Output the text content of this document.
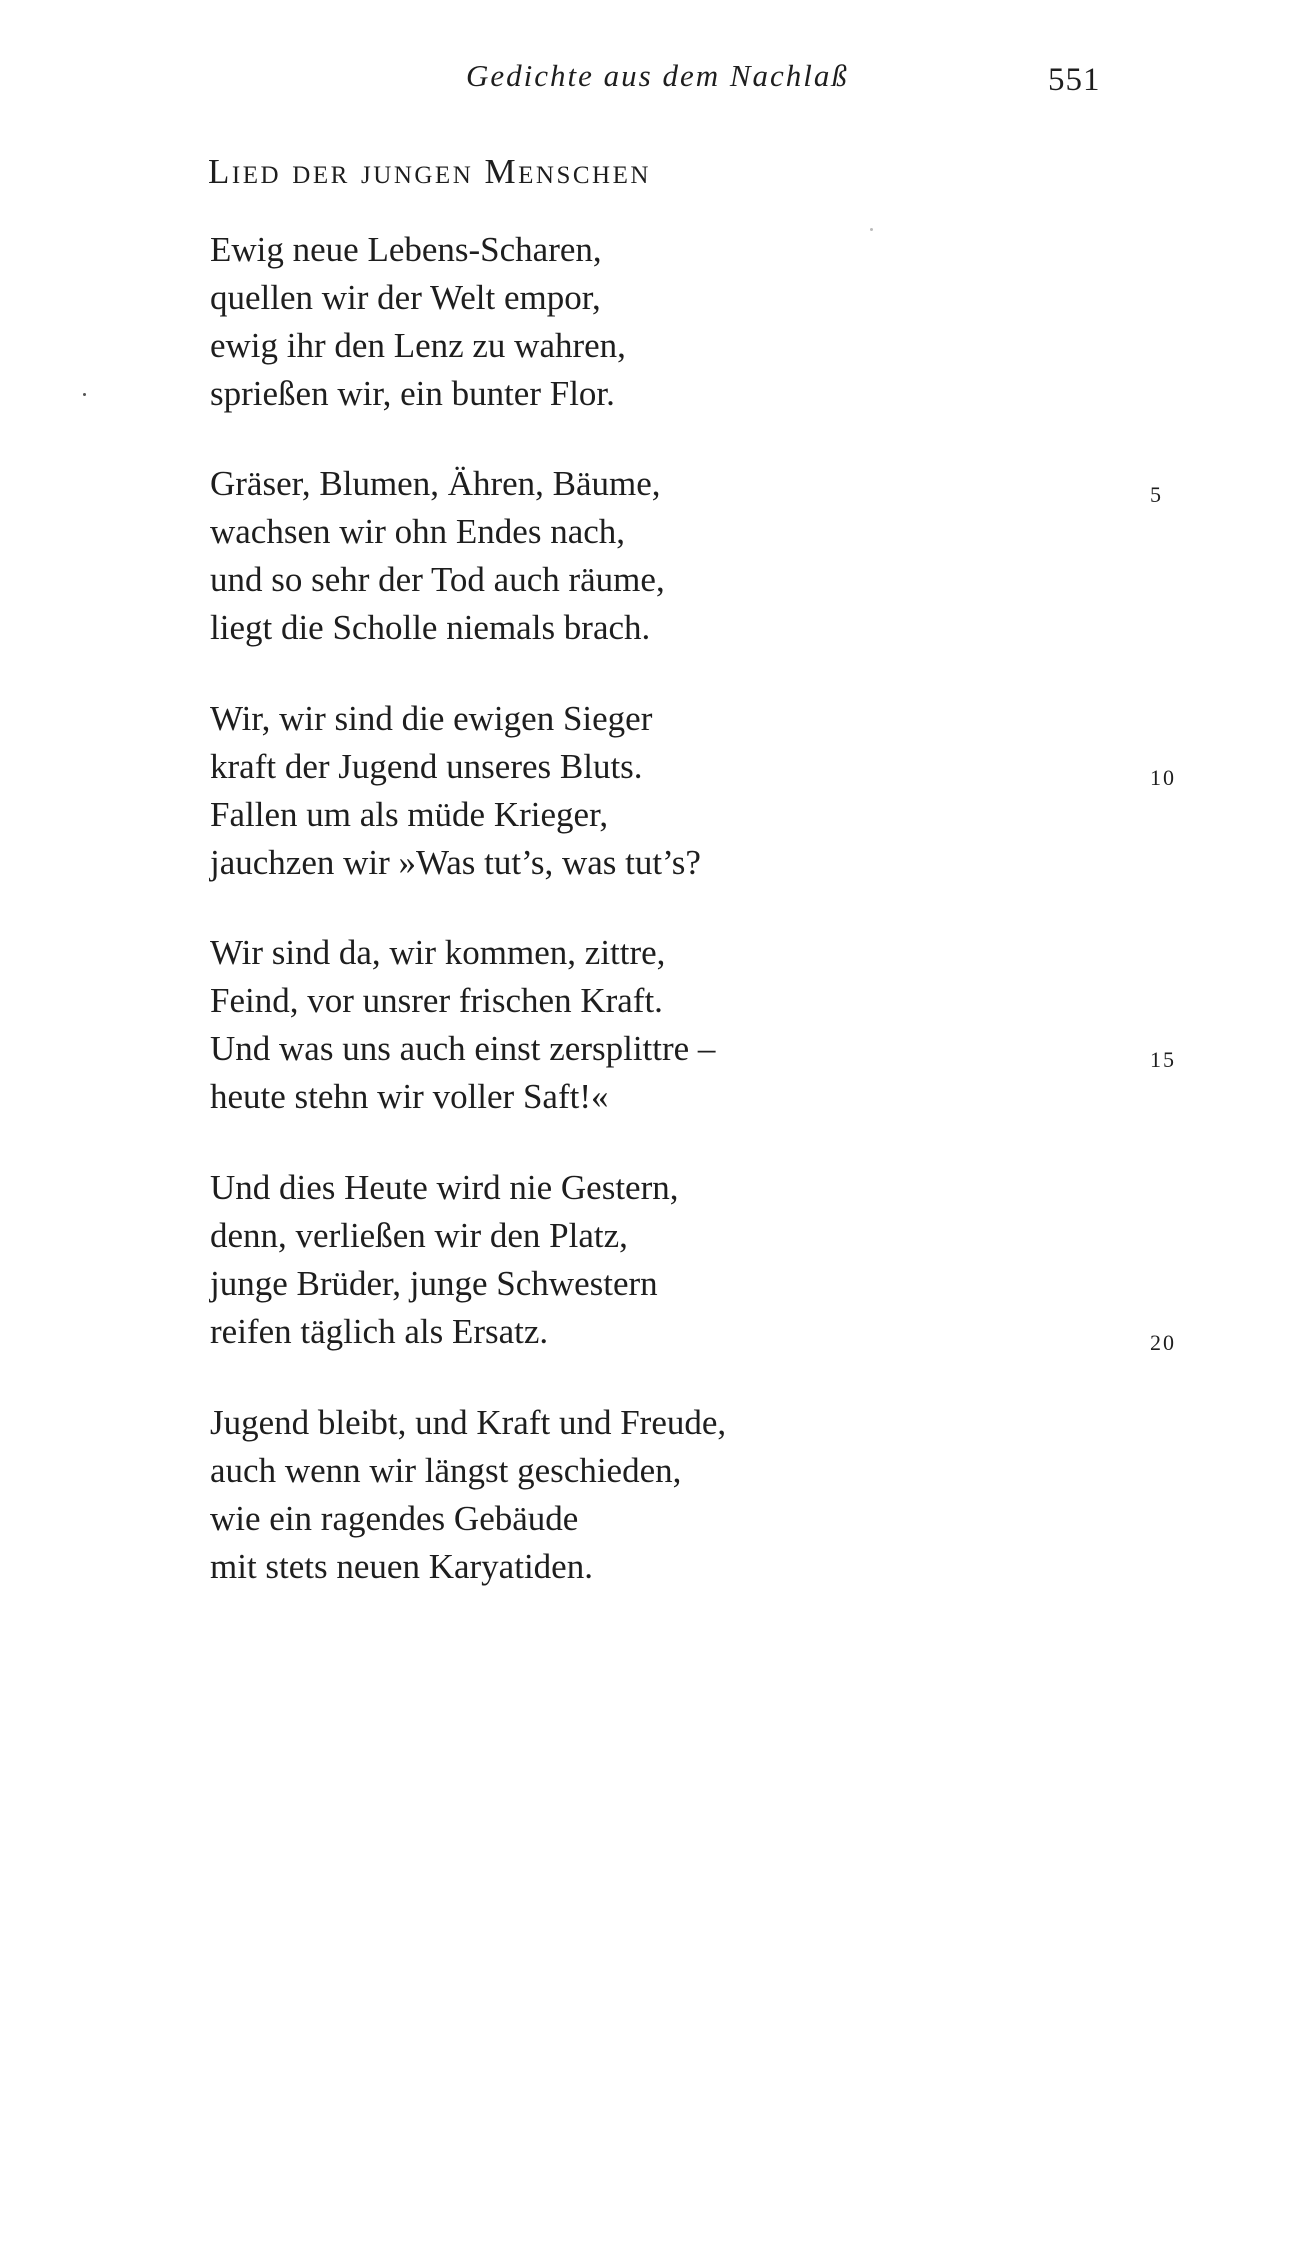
Gedichte aus dem Nachlaß	551
Lied der jungen Menschen
Ewig neue Lebens-Scharen,
quellen wir der Welt empor,
ewig ihr den Lenz zu wahren,
sprießen wir, ein bunter Flor.
Gräser, Blumen, Ähren, Bäume,
wachsen wir ohn Endes nach,
und so sehr der Tod auch räume,
liegt die Scholle niemals brach.
5
Wir, wir sind die ewigen Sieger
kraft der Jugend unseres Bluts.
Fallen um als müde Krieger,
jauchzen wir »Was tut’s, was tut’s?
10
Wir sind da, wir kommen, zittre,
Feind, vor unsrer frischen Kraft.
Und was uns auch einst zersplittre –
heute stehn wir voller Saft!«
15
Und dies Heute wird nie Gestern,
denn, verließen wir den Platz,
junge Brüder, junge Schwestern
reifen täglich als Ersatz.	20
Jugend bleibt, und Kraft und Freude,
auch wenn wir längst geschieden,
wie ein ragendes Gebäude
mit stets neuen Karyatiden.
